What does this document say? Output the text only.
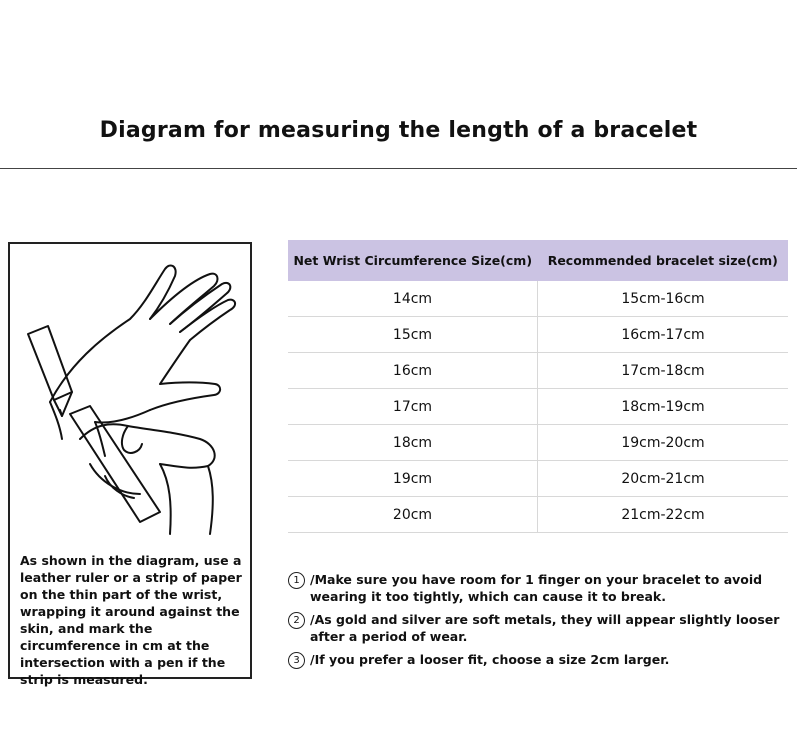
Diagram for measuring the length of a bracelet
As shown in the diagram, use a leather ruler or a strip of paper on the thin part of the wrist, wrapping it around against the skin, and mark the circumference in cm at the intersection with a pen if the strip is measured.
Net Wrist Circumference Size(cm)	Recommended bracelet size(cm)
14cm	15cm-16cm
15cm	16cm-17cm
16cm	17cm-18cm
17cm	18cm-19cm
18cm	19cm-20cm
19cm	20cm-21cm
20cm	21cm-22cm
1 /Make sure you have room for 1 finger on your bracelet to avoid wearing it too tightly, which can cause it to break.
2 /As gold and silver are soft metals, they will appear slightly looser after a period of wear.
3 /If you prefer a looser fit, choose a size 2cm larger.
